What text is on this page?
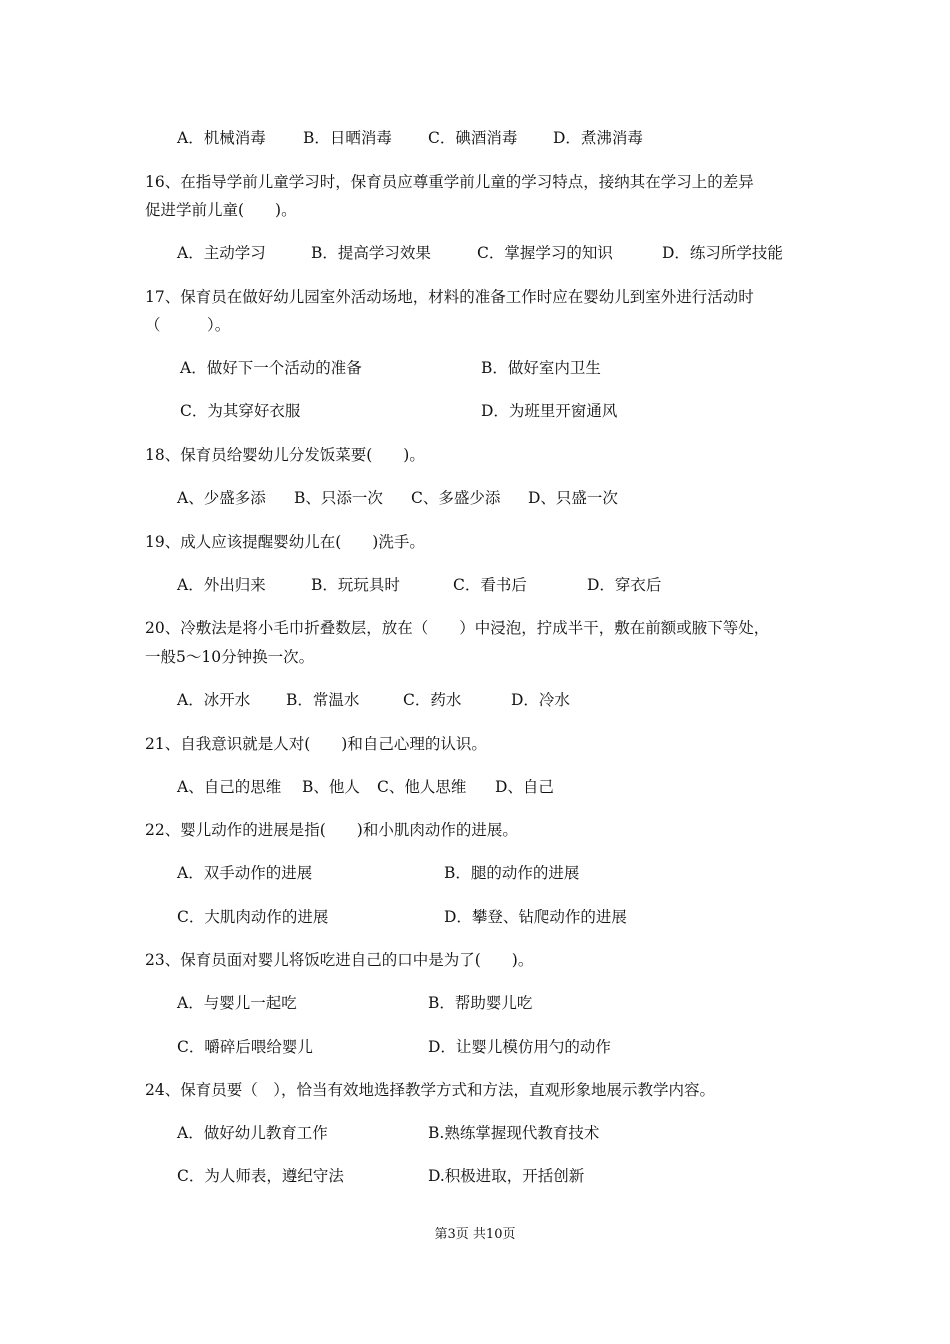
A．机械消毒 B．日晒消毒 C．碘酒消毒 D．煮沸消毒
16、在指导学前儿童学习时，保育员应尊重学前儿童的学习特点，接纳其在学习上的差异
促进学前儿童(　　)。
A．主动学习	B．提高学习效果	C．掌握学习的知识	D．练习所学技能
17、保育员在做好幼儿园室外活动场地，材料的准备工作时应在婴幼儿到室外进行活动时
（　　　）。
A．做好下一个活动的准备	B．做好室内卫生
C．为其穿好衣服	D．为班里开窗通风
18、保育员给婴幼儿分发饭菜要(　　)。
A、少盛多添 B、只添一次 C、多盛少添 D、只盛一次
19、成人应该提醒婴幼儿在(　　)洗手。
A．外出归来	B．玩玩具时	C．看书后	D．穿衣后
20、冷敷法是将小毛巾折叠数层，放在（　　）中浸泡，拧成半干，敷在前额或腋下等处，
一般5～10分钟换一次。
A．冰开水 B．常温水	C．药水	D．冷水
21、自我意识就是人对(　　)和自己心理的认识。
A、自己的思维 B、他人 C、他人思维 D、自己
22、婴儿动作的进展是指(　　)和小肌肉动作的进展。
A．双手动作的进展	B．腿的动作的进展
C．大肌肉动作的进展	D．攀登、钻爬动作的进展
23、保育员面对婴儿将饭吃进自己的口中是为了(　　)。
A．与婴儿一起吃	B．帮助婴儿吃
C．嚼碎后喂给婴儿	D．让婴儿模仿用勺的动作
24、保育员要（　），恰当有效地选择教学方式和方法，直观形象地展示教学内容。
A．做好幼儿教育工作	B.熟练掌握现代教育技术
C．为人师表，遵纪守法	D.积极进取，开括创新
第3页 共10页
